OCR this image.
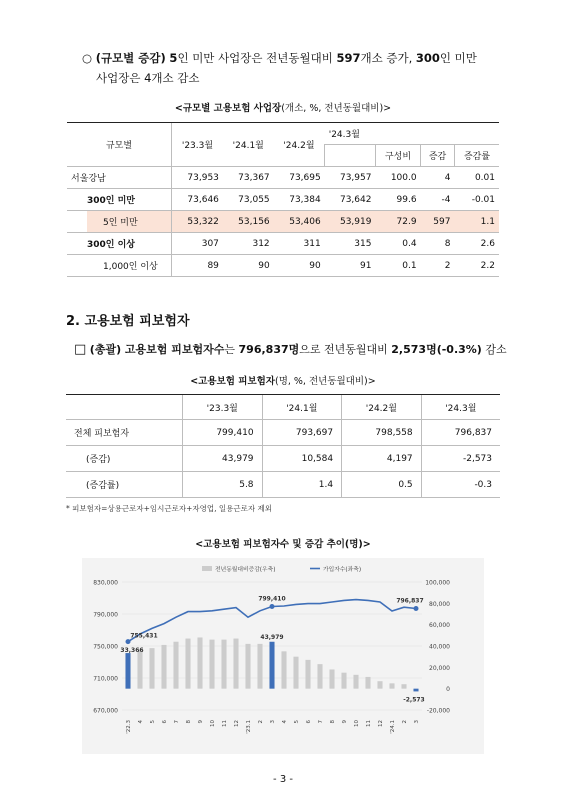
○ (규모별 증감) 5인 미만 사업장은 전년동월대비 597개소 증가, 300인 미만
사업장은 4개소 감소
<규모별 고용보험 사업장(개소, %, 전년동월대비)>
규모별	'23.3월	'24.1월	'24.2월	'24.3월			
					구성비	증감	증감률
서울강남	73,953	73,367	73,695	73,957	100.0	4	0.01
300인 미만	73,646	73,055	73,384	73,642	99.6	-4	-0.01
5인 미만	53,322	53,156	53,406	53,919	72.9	597	1.1
300인 이상	307	312	311	315	0.4	8	2.6
1,000인 이상	89	90	90	91	0.1	2	2.2
2. 고용보험 피보험자
□ (총괄) 고용보험 피보험자수는 796,837명으로 전년동월대비 2,573명(-0.3%) 감소
<고용보험 피보험자(명, %, 전년동월대비)>
	'23.3월	'24.1월	'24.2월	'24.3월
전체 피보험자	799,410	793,697	798,558	796,837
(증감)	43,979	10,584	4,197	-2,573
(증감률)	5.8	1.4	0.5	-0.3
* 피보험자=상용근로자+임시근로자+자영업, 일용근로자 제외
<고용보험 피보험자수 및 증감 추이(명)>
670,000
710,000
750,000
790,000
830,000
-20,000
0
20,000
40,000
60,000
80,000
100,000
755,431
33,366
799,410
43,979
796,837
-2,573
'22.3 4 5 6 7 8 9 10 11 12 '23.1 2 3 4 5 6 7 8 9 10 11 12 '24.1 2 3
전년동월대비증감(우축)	가입자수(좌축)
- 3 -
